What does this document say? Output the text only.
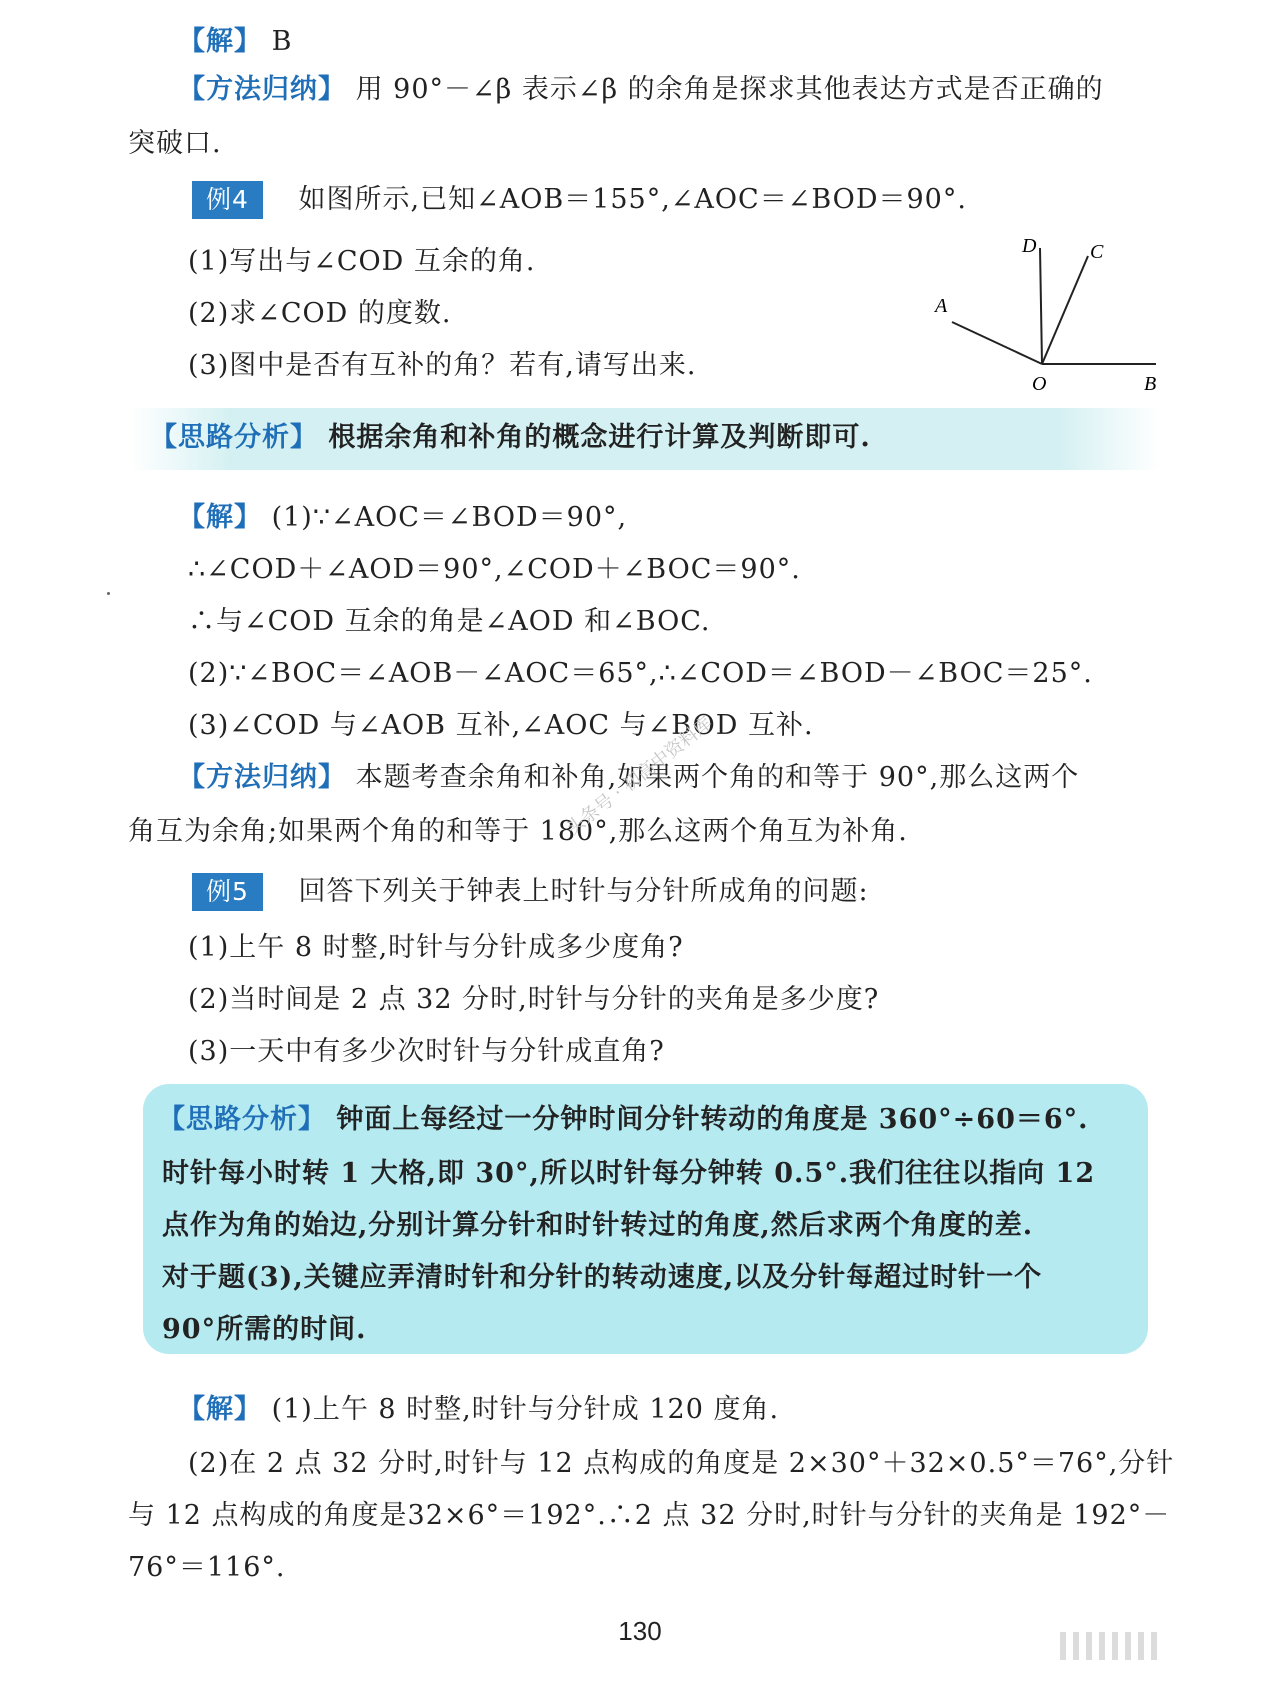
【解】 B
【方法归纳】 用 90°－∠β 表示∠β 的余角是探求其他表达方式是否正确的
突破口.
例4 如图所示,已知∠AOB＝155°,∠AOC＝∠BOD＝90°.
(1)写出与∠COD 互余的角.
(2)求∠COD 的度数.
(3)图中是否有互补的角？若有,请写出来.
D	C
A
O	B
【思路分析】 根据余角和补角的概念进行计算及判断即可.
【解】 (1)∵∠AOC＝∠BOD＝90°,
∴∠COD＋∠AOD＝90°,∠COD＋∠BOC＝90°.
∴与∠COD 互余的角是∠AOD 和∠BOC.
(2)∵∠BOC＝∠AOB－∠AOC＝65°,∴∠COD＝∠BOD－∠BOC＝25°.
(3)∠COD 与∠AOB 互补,∠AOC 与∠BOD 互补.
【方法归纳】 本题考查余角和补角,如果两个角的和等于 90°,那么这两个
角互为余角;如果两个角的和等于 180°,那么这两个角互为补角.
头条号 · 初高中资料库
例5 回答下列关于钟表上时针与分针所成角的问题:
(1)上午 8 时整,时针与分针成多少度角?
(2)当时间是 2 点 32 分时,时针与分针的夹角是多少度?
(3)一天中有多少次时针与分针成直角?
【思路分析】 钟面上每经过一分钟时间分针转动的角度是 360°÷60＝6°.
时针每小时转 1 大格,即 30°,所以时针每分钟转 0.5°.我们往往以指向 12
点作为角的始边,分别计算分针和时针转过的角度,然后求两个角度的差.
对于题(3),关键应弄清时针和分针的转动速度,以及分针每超过时针一个
90°所需的时间.
【解】 (1)上午 8 时整,时针与分针成 120 度角.
(2)在 2 点 32 分时,时针与 12 点构成的角度是 2×30°＋32×0.5°＝76°,分针
与 12 点构成的角度是32×6°＝192°.∴2 点 32 分时,时针与分针的夹角是 192°－
76°＝116°.
130
